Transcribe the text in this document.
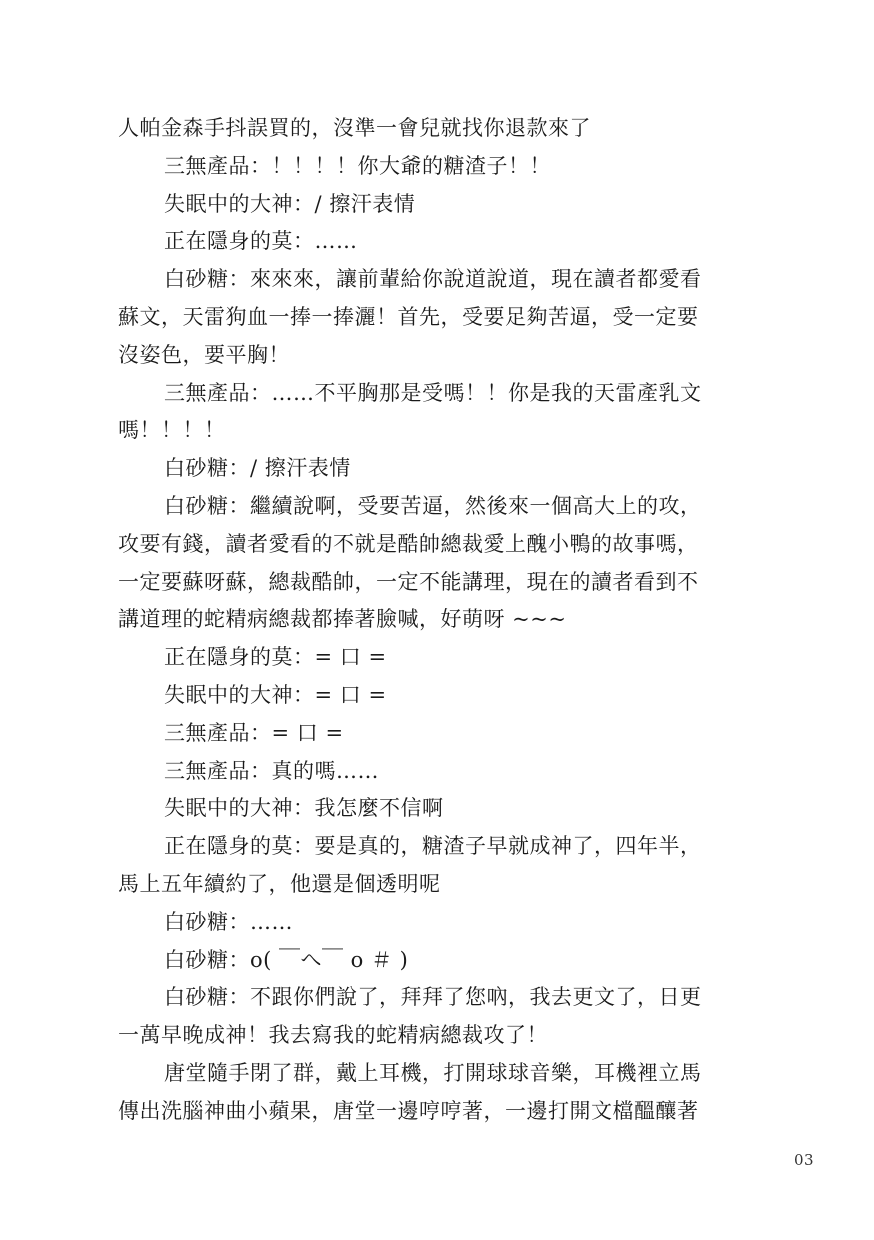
人帕金森手抖誤買的，沒準一會兒就找你退款來了
三無產品：！！！！你大爺的糖渣子！！
失眠中的大神：/ 擦汗表情
正在隱身的莫：……
白砂糖：來來來，讓前輩給你說道說道，現在讀者都愛看
蘇文，天雷狗血一捧一捧灑！首先，受要足夠苦逼，受一定要
沒姿色，要平胸！
三無產品：……不平胸那是受嗎！！你是我的天雷產乳文
嗎！！！！
白砂糖：/ 擦汗表情
白砂糖：繼續說啊，受要苦逼，然後來一個高大上的攻，
攻要有錢，讀者愛看的不就是酷帥總裁愛上醜小鴨的故事嗎，
一定要蘇呀蘇，總裁酷帥，一定不能講理，現在的讀者看到不
講道理的蛇精病總裁都捧著臉喊，好萌呀 ~~~
正在隱身的莫：= 口 =
失眠中的大神：= 口 =
三無產品：= 口 =
三無產品：真的嗎……
失眠中的大神：我怎麼不信啊
正在隱身的莫：要是真的，糖渣子早就成神了，四年半，
馬上五年續約了，他還是個透明呢
白砂糖：……
白砂糖：o( ￣へ￣ o ＃ )
白砂糖：不跟你們說了，拜拜了您吶，我去更文了，日更
一萬早晚成神！我去寫我的蛇精病總裁攻了！
唐堂隨手閉了群，戴上耳機，打開球球音樂，耳機裡立馬
傳出洗腦神曲小蘋果，唐堂一邊哼哼著，一邊打開文檔醞釀著
03
